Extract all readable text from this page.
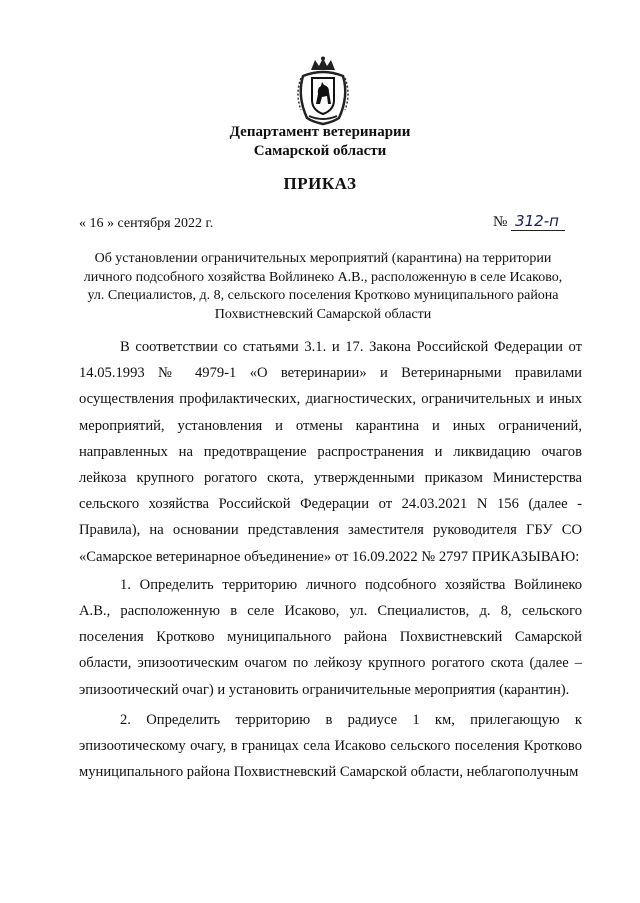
Департамент ветеринарии
Самарской области
ПРИКАЗ
« 16 » сентября 2022 г.	№ 312-п
Об установлении ограничительных мероприятий (карантина) на территории личного подсобного хозяйства Войлинеко А.В., расположенную в селе Исаково, ул. Специалистов, д. 8, сельского поселения Кротково муниципального района Похвистневский Самарской области

В соответствии со статьями 3.1. и 17. Закона Российской Федерации от 14.05.1993 № 4979-1 «О ветеринарии» и Ветеринарными правилами осуществления профилактических, диагностических, ограничительных и иных мероприятий, установления и отмены карантина и иных ограничений, направленных на предотвращение распространения и ликвидацию очагов лейкоза крупного рогатого скота, утвержденными приказом Министерства сельского хозяйства Российской Федерации от 24.03.2021 N 156 (далее - Правила), на основании представления заместителя руководителя ГБУ СО «Самарское ветеринарное объединение» от 16.09.2022 № 2797 ПРИКАЗЫВАЮ:

1. Определить территорию личного подсобного хозяйства Войлинеко А.В., расположенную в селе Исаково, ул. Специалистов, д. 8, сельского поселения Кротково муниципального района Похвистневский Самарской области, эпизоотическим очагом по лейкозу крупного рогатого скота (далее – эпизоотический очаг) и установить ограничительные мероприятия (карантин).

2. Определить территорию в радиусе 1 км, прилегающую к эпизоотическому очагу, в границах села Исаково сельского поселения Кротково муниципального района Похвистневский Самарской области, неблагополучным
